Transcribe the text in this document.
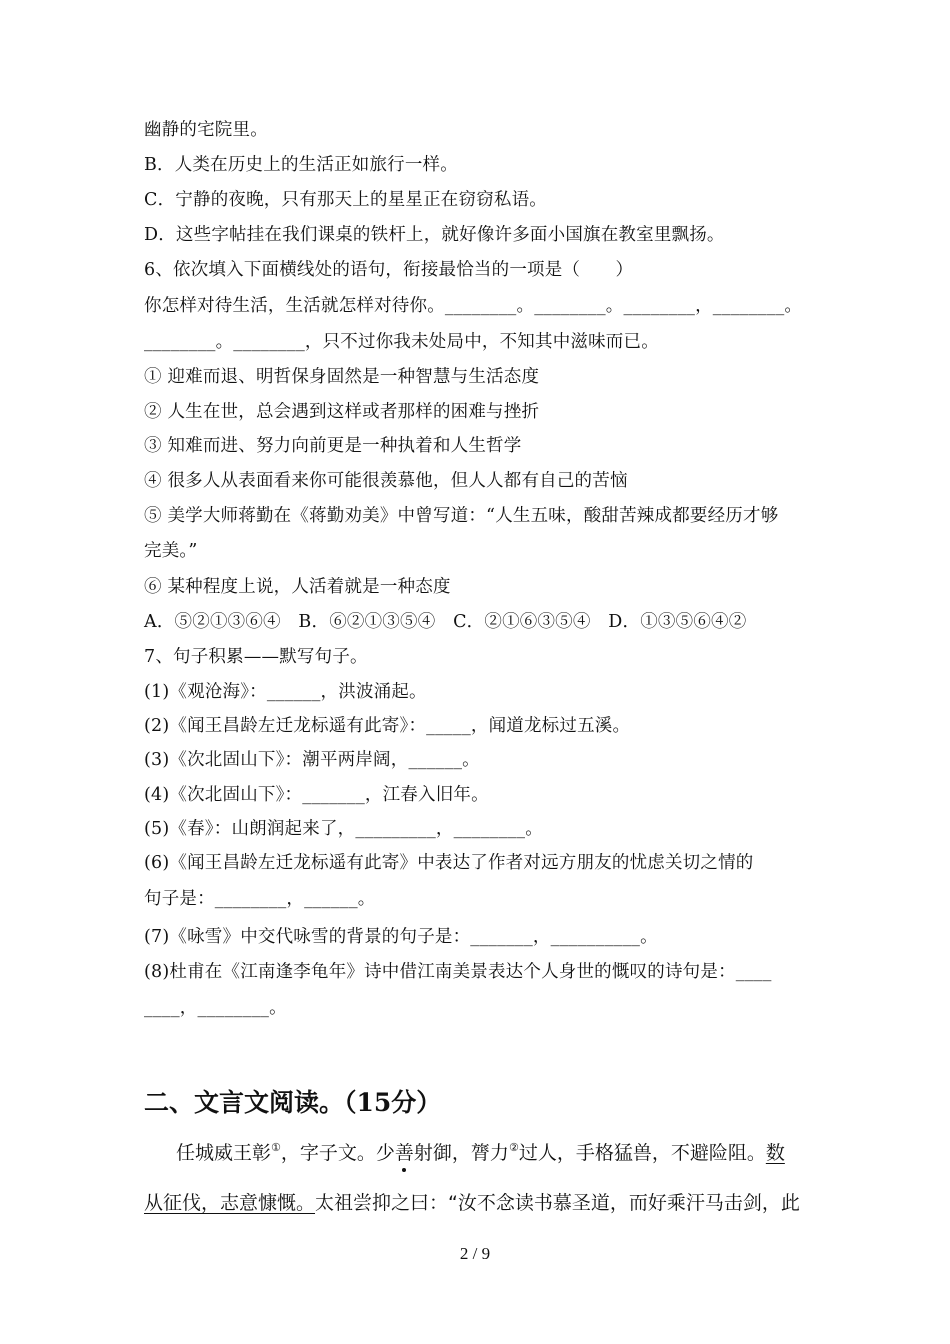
幽静的宅院里。
B．人类在历史上的生活正如旅行一样。
C．宁静的夜晚，只有那天上的星星正在窃窃私语。
D．这些字帖挂在我们课桌的铁杆上，就好像许多面小国旗在教室里飘扬。
6、依次填入下面横线处的语句，衔接最恰当的一项是（　　）
你怎样对待生活，生活就怎样对待你。________。________。________，________。
________。________，只不过你我未处局中，不知其中滋味而已。
① 迎难而退、明哲保身固然是一种智慧与生活态度
② 人生在世，总会遇到这样或者那样的困难与挫折
③ 知难而进、努力向前更是一种执着和人生哲学
④ 很多人从表面看来你可能很羡慕他，但人人都有自己的苦恼
⑤ 美学大师蒋勤在《蒋勤劝美》中曾写道：“人生五味，酸甜苦辣成都要经历才够
完美。”
⑥ 某种程度上说，人活着就是一种态度
A．⑤②①③⑥④　B．⑥②①③⑤④　C．②①⑥③⑤④　D．①③⑤⑥④②
7、句子积累——默写句子。
(1)《观沧海》：______，洪波涌起。
(2)《闻王昌龄左迁龙标遥有此寄》：_____，闻道龙标过五溪。
(3)《次北固山下》：潮平两岸阔，______。
(4)《次北固山下》：_______，江春入旧年。
(5)《春》：山朗润起来了，_________，________。
(6)《闻王昌龄左迁龙标遥有此寄》中表达了作者对远方朋友的忧虑关切之情的
句子是：________，______。
(7)《咏雪》中交代咏雪的背景的句子是：_______，__________。
(8)杜甫在《江南逢李龟年》诗中借江南美景表达个人身世的慨叹的诗句是：____
____，________。
二、文言文阅读。（15分）
任城威王彰①，字子文。少善射御，膂力②过人，手格猛兽，不避险阻。数
从征伐，志意慷慨。太祖尝抑之曰：“汝不念读书慕圣道，而好乘汗马击剑，此
2 / 9
